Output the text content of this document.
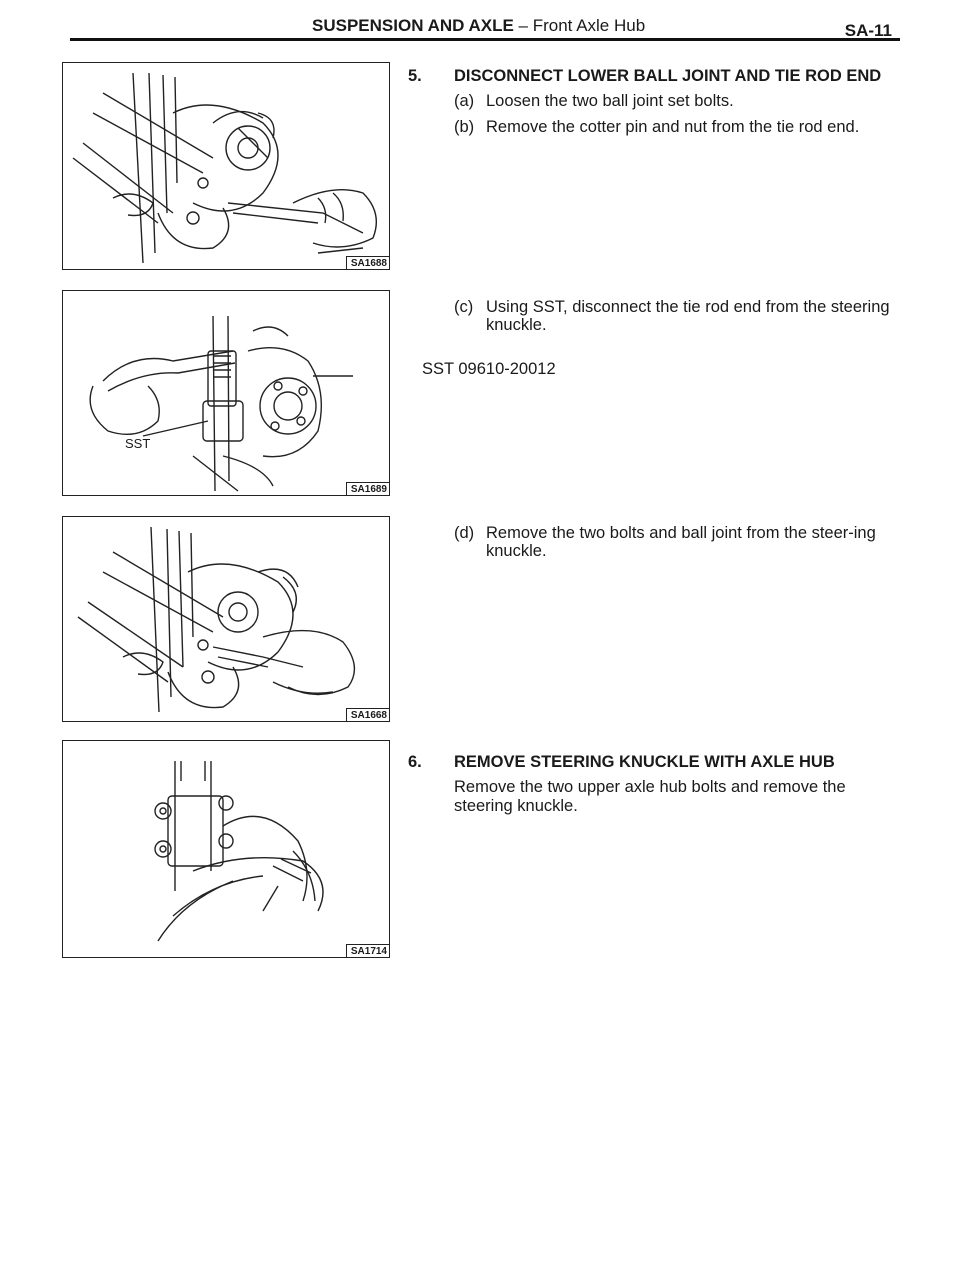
SUSPENSION AND AXLE – Front Axle Hub	SA-11
SA1688
SST
SA1689
SA1668
SA1714
5. DISCONNECT LOWER BALL JOINT AND TIE ROD END
(a) Loosen the two ball joint set bolts.
(b) Remove the cotter pin and nut from the tie rod end.
(c) Using SST, disconnect the tie rod end from the steering knuckle.
SST 09610-20012
(d) Remove the two bolts and ball joint from the steer-ing knuckle.
6. REMOVE STEERING KNUCKLE WITH AXLE HUB
Remove the two upper axle hub bolts and remove the steering knuckle.
